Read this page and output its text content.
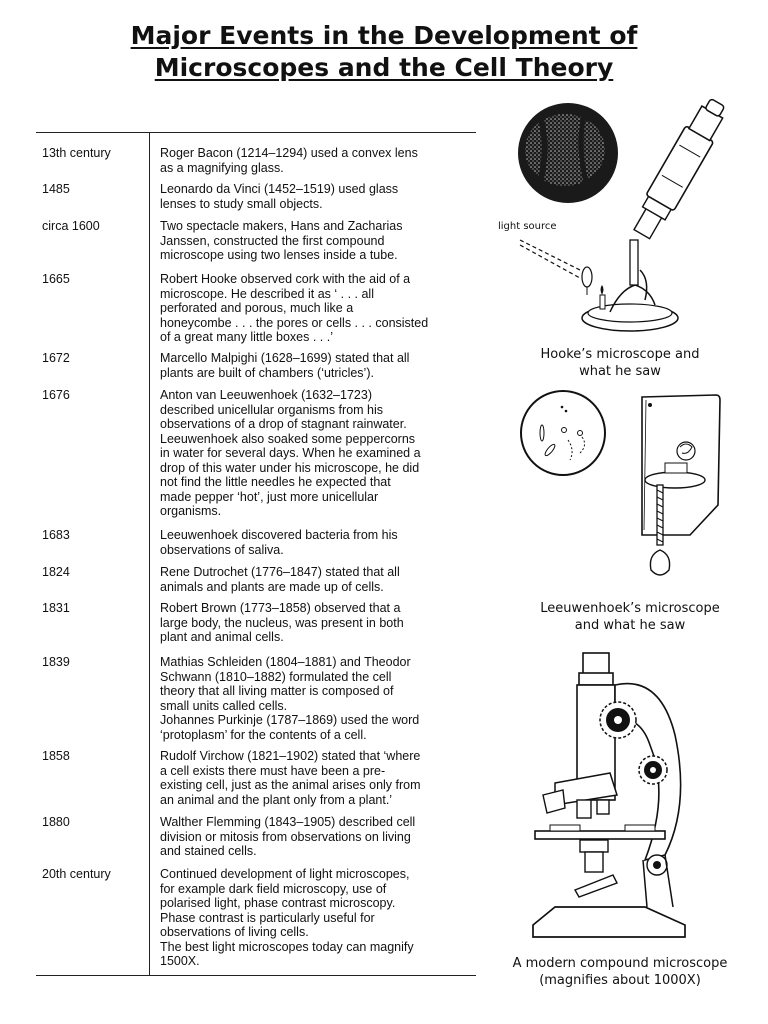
Major Events in the Development of
Microscopes and the Cell Theory
13th century	Roger Bacon (1214–1294) used a convex lens
as a magnifying glass.
1485	Leonardo da Vinci (1452–1519) used glass
lenses to study small objects.
circa 1600	Two spectacle makers, Hans and Zacharias
Janssen, constructed the first compound
microscope using two lenses inside a tube.
1665	Robert Hooke observed cork with the aid of a
microscope. He described it as ‘ . . . all
perforated and porous, much like a
honeycombe . . . the pores or cells . . . consisted
of a great many little boxes . . .’
1672	Marcello Malpighi (1628–1699) stated that all
plants are built of chambers (‘utricles’).
1676	Anton van Leeuwenhoek (1632–1723)
described unicellular organisms from his
observations of a drop of stagnant rainwater.
Leeuwenhoek also soaked some peppercorns
in water for several days. When he examined a
drop of this water under his microscope, he did
not find the little needles he expected that
made pepper ‘hot’, just more unicellular
organisms.
1683	Leeuwenhoek discovered bacteria from his
observations of saliva.
1824	Rene Dutrochet (1776–1847) stated that all
animals and plants are made up of cells.
1831	Robert Brown (1773–1858) observed that a
large body, the nucleus, was present in both
plant and animal cells.
1839	Mathias Schleiden (1804–1881) and Theodor
Schwann (1810–1882) formulated the cell
theory that all living matter is composed of
small units called cells.
Johannes Purkinje (1787–1869) used the word
‘protoplasm’ for the contents of a cell.
1858	Rudolf Virchow (1821–1902) stated that ‘where
a cell exists there must have been a pre-
existing cell, just as the animal arises only from
an animal and the plant only from a plant.’
1880	Walther Flemming (1843–1905) described cell
division or mitosis from observations on living
and stained cells.
20th century	Continued development of light microscopes,
for example dark field microscopy, use of
polarised light, phase contrast microscopy.
Phase contrast is particularly useful for
observations of living cells.
The best light microscopes today can magnify
1500X.
light source
Hooke’s microscope and
what he saw
Leeuwenhoek’s microscope
and what he saw
A modern compound microscope
(magnifies about 1000X)
